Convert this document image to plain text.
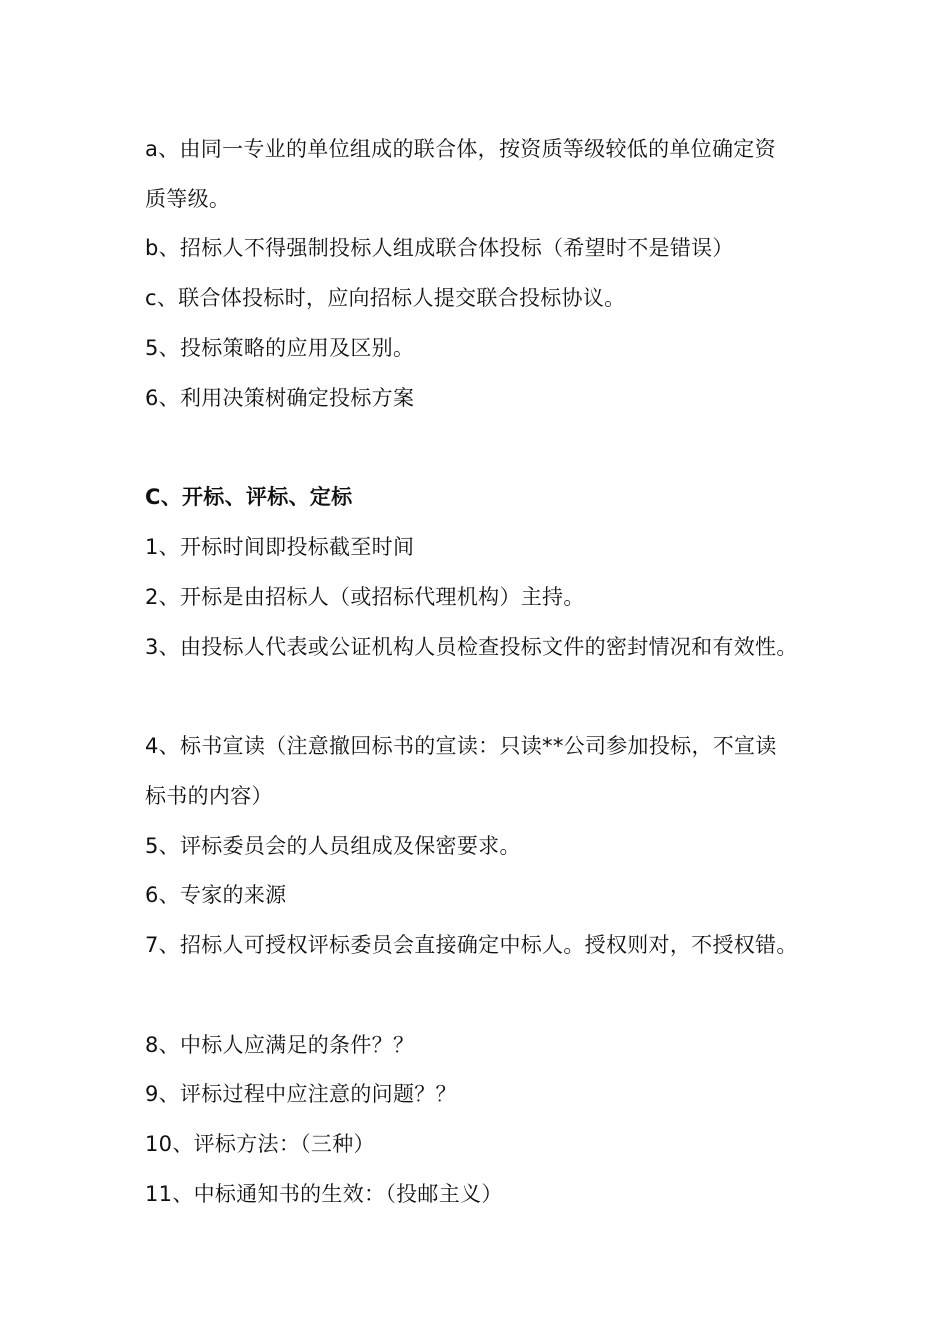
a、由同一专业的单位组成的联合体，按资质等级较低的单位确定资
质等级。
b、招标人不得强制投标人组成联合体投标（希望时不是错误）
c、联合体投标时，应向招标人提交联合投标协议。
5、投标策略的应用及区别。
6、利用决策树确定投标方案
C、开标、评标、定标
1、开标时间即投标截至时间
2、开标是由招标人（或招标代理机构）主持。
3、由投标人代表或公证机构人员检查投标文件的密封情况和有效性。
4、标书宣读（注意撤回标书的宣读：只读**公司参加投标，不宣读
标书的内容）
5、评标委员会的人员组成及保密要求。
6、专家的来源
7、招标人可授权评标委员会直接确定中标人。授权则对，不授权错。
8、中标人应满足的条件？？
9、评标过程中应注意的问题？？
10、评标方法：（三种）
11、中标通知书的生效：（投邮主义）
